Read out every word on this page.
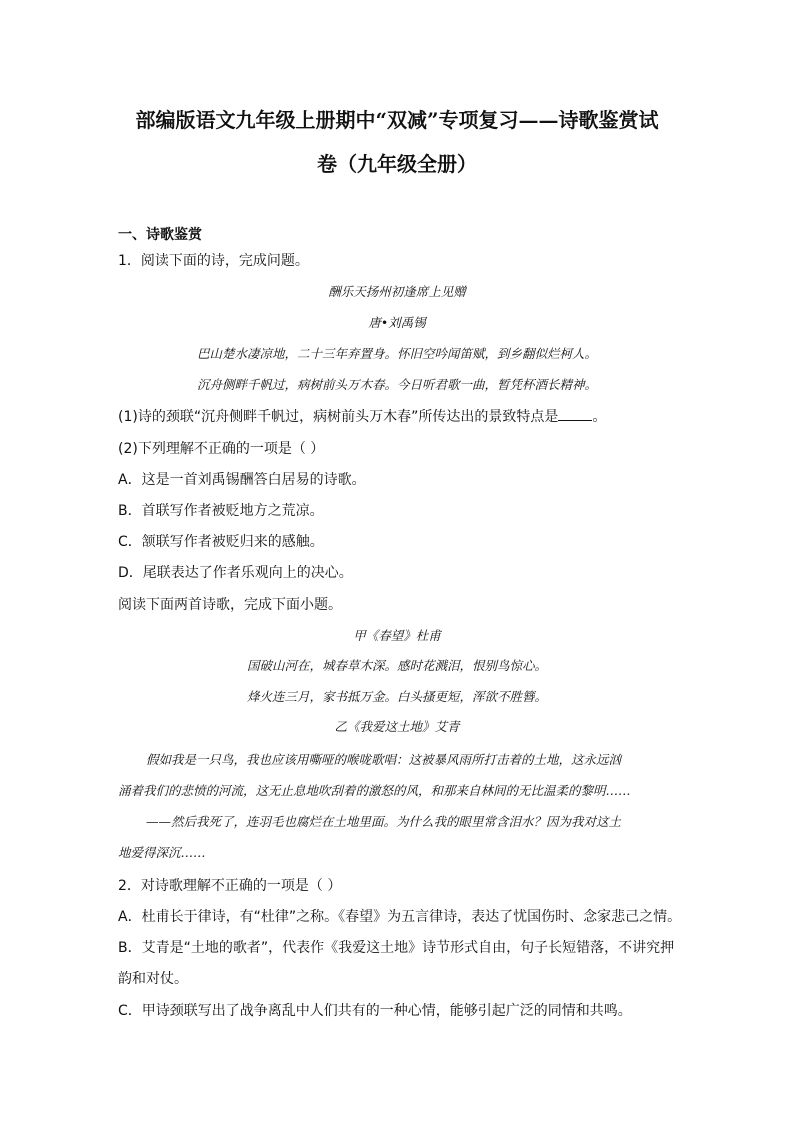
部编版语文九年级上册期中“双减”专项复习——诗歌鉴赏试
卷（九年级全册）
一、诗歌鉴赏
1．阅读下面的诗，完成问题。
酬乐天扬州初逢席上见赠
唐•刘禹锡
巴山楚水凄凉地，二十三年弃置身。怀旧空吟闻笛赋，到乡翻似烂柯人。
沉舟侧畔千帆过，病树前头万木春。今日听君歌一曲，暂凭杯酒长精神。
(1)诗的颈联“沉舟侧畔千帆过，病树前头万木春”所传达出的景致特点是 。
(2)下列理解不正确的一项是（ ）
A．这是一首刘禹锡酬答白居易的诗歌。
B．首联写作者被贬地方之荒凉。
C．颔联写作者被贬归来的感触。
D．尾联表达了作者乐观向上的决心。
阅读下面两首诗歌，完成下面小题。
甲《春望》杜甫
国破山河在，城春草木深。感时花溅泪，恨别鸟惊心。
烽火连三月，家书抵万金。白头搔更短，浑欲不胜簪。
乙《我爱这土地》艾青
假如我是一只鸟，我也应该用嘶哑的喉咙歌唱：这被暴风雨所打击着的土地，这永远汹
涌着我们的悲愤的河流，这无止息地吹刮着的激怒的风，和那来自林间的无比温柔的黎明……
——然后我死了，连羽毛也腐烂在土地里面。为什么我的眼里常含泪水？因为我对这土
地爱得深沉……
2．对诗歌理解不正确的一项是（ ）
A．杜甫长于律诗，有“杜律”之称。《春望》为五言律诗，表达了忧国伤时、念家悲己之情。
B．艾青是“土地的歌者”，代表作《我爱这土地》诗节形式自由，句子长短错落，不讲究押
韵和对仗。
C．甲诗颈联写出了战争离乱中人们共有的一种心情，能够引起广泛的同情和共鸣。
